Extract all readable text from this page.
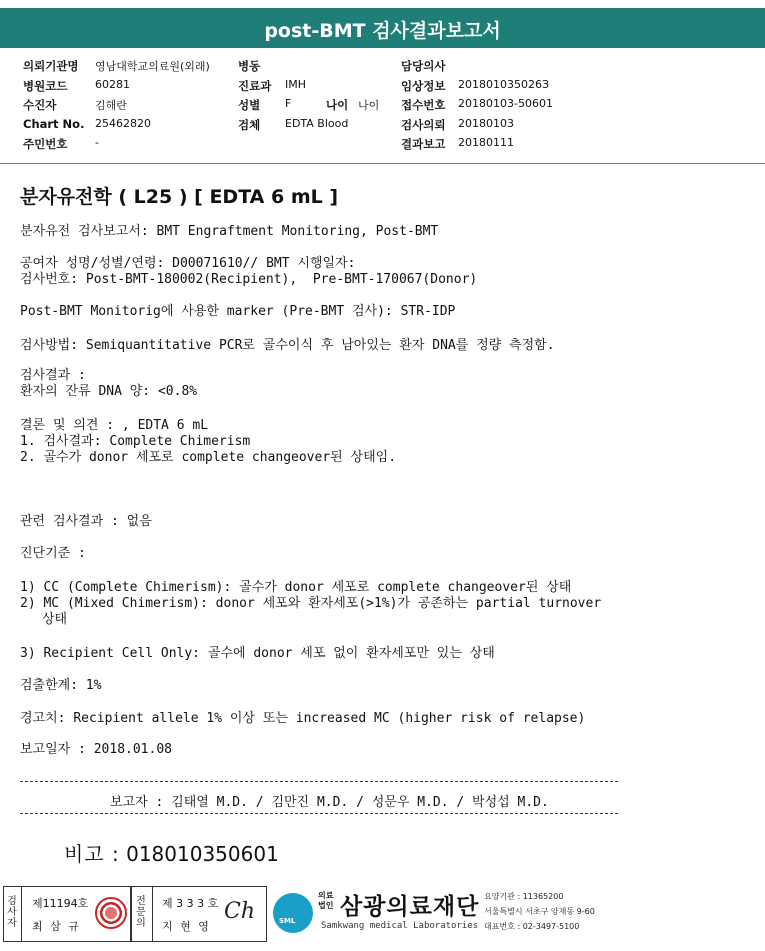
post-BMT 검사결과보고서
의뢰기관명 영남대학교의료원(외래) 병동	담당의사
병원코드	60281	진료과 IMH	임상정보 201801035026З
수진자	김해란	성별 F	나이 나이 접수번호 20180103-50601
Chart No. 25462820	검체 EDTA Blood	검사의뢰 20180103
주민번호	-	결과보고 20180111
분자유전학 ( L25 ) [ EDTA 6 mL ]
분자유전 검사보고서: BMT Engraftment Monitoring, Post-BMT
공여자 성명/성별/연령: D00071610// BMT 시행일자:
검사번호: Post-BMT-180002(Recipient),  Pre-BMT-170067(Donor)
Post-BMT Monitorig에 사용한 marker (Pre-BMT 검사): STR-IDP
검사방법: Semiquantitative PCR로 골수이식 후 남아있는 환자 DNA를 정량 측정함.
검사결과 :
환자의 잔류 DNA 양: <0.8%
결론 및 의견 : , EDTA 6 mL
1. 검사결과: Complete Chimerism
2. 골수가 donor 세포로 complete changeover된 상태임.
관련 검사결과 : 없음
진단기준 :
1) CC (Complete Chimerism): 골수가 donor 세포로 complete changeover된 상태
2) MC (Mixed Chimerism): donor 세포와 환자세포(>1%)가 공존하는 partial turnover
상태
3) Recipient Cell Only: 골수에 donor 세포 없이 환자세포만 있는 상태
검출한계: 1%
경고치: Recipient allele 1% 이상 또는 increased MC (higher risk of relapse)
보고일자 : 2018.01.08
보고자 : 김태열 M.D. / 김만진 M.D. / 성문우 M.D. / 박성섭 M.D.
비고 : 018010350601
검사자
제11194호
최 삼 규
전문의
제 3 3 3 호
지 현 영
Ch	SML
의료법인 삼광의료재단
Samkwang medical Laboratories
요양기관 : 11365200
서울특별시 서초구 양재동 9-60
대표번호 : 02-3497-5100
